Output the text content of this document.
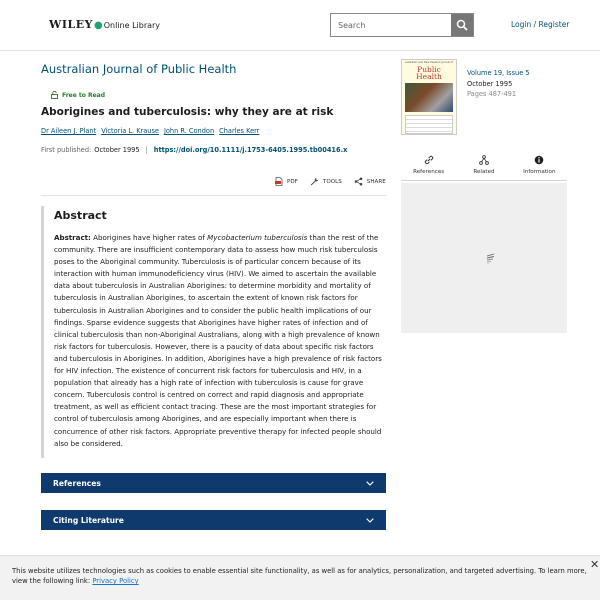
WILEY ● Online Library
Search	Login / Register
Australian Journal of Public Health
Free to Read
Aborigines and tuberculosis: why they are at risk
Dr Aileen J. Plant Victoria L. Krause John R. Condon Charles Kerr
First published: October 1995 | https://doi.org/10.1111/j.1753-6405.1995.tb00416.x
PDF	TOOLS	SHARE
Abstract

Abstract: Aborigines have higher rates of Mycobacterium tuberculosis than the rest of the community. There are insufficient contemporary data to assess how much risk tuberculosis poses to the Aboriginal community. Tuberculosis is of particular concern because of its interaction with human immunodeficiency virus (HIV). We aimed to ascertain the available data about tuberculosis in Australian Aborigines: to determine morbidity and mortality of tuberculosis in Australian Aborigines, to ascertain the extent of known risk factors for tuberculosis in Australian Aborigines and to consider the public health implications of our findings. Sparse evidence suggests that Aborigines have higher rates of infection and of clinical tuberculosis than non-Aboriginal Australians, along with a high prevalence of known risk factors for tuberculosis. However, there is a paucity of data about specific risk factors and tuberculosis in Aborigines. In addition, Aborigines have a high prevalence of risk factors for HIV infection. The existence of concurrent risk factors for tuberculosis and HIV, in a population that already has a high rate of infection with tuberculosis is cause for grave concern. Tuberculosis control is centred on correct and rapid diagnosis and appropriate treatment, as well as efficient contact tracing. These are the most important strategies for control of tuberculosis among Aborigines, and are especially important when there is concurrence of other risk factors. Appropriate preventive therapy for infected people should also be considered.

References
Citing Literature
Australian and New Zealand Journal of
Public
Health	Volume 19, Issue 5
October 1995
Pages 487-491
References	Related	Information

This website utilizes technologies such as cookies to enable essential site functionality, as well as for analytics, personalization, and targeted advertising. To learn more, view the following link: Privacy Policy

✕
